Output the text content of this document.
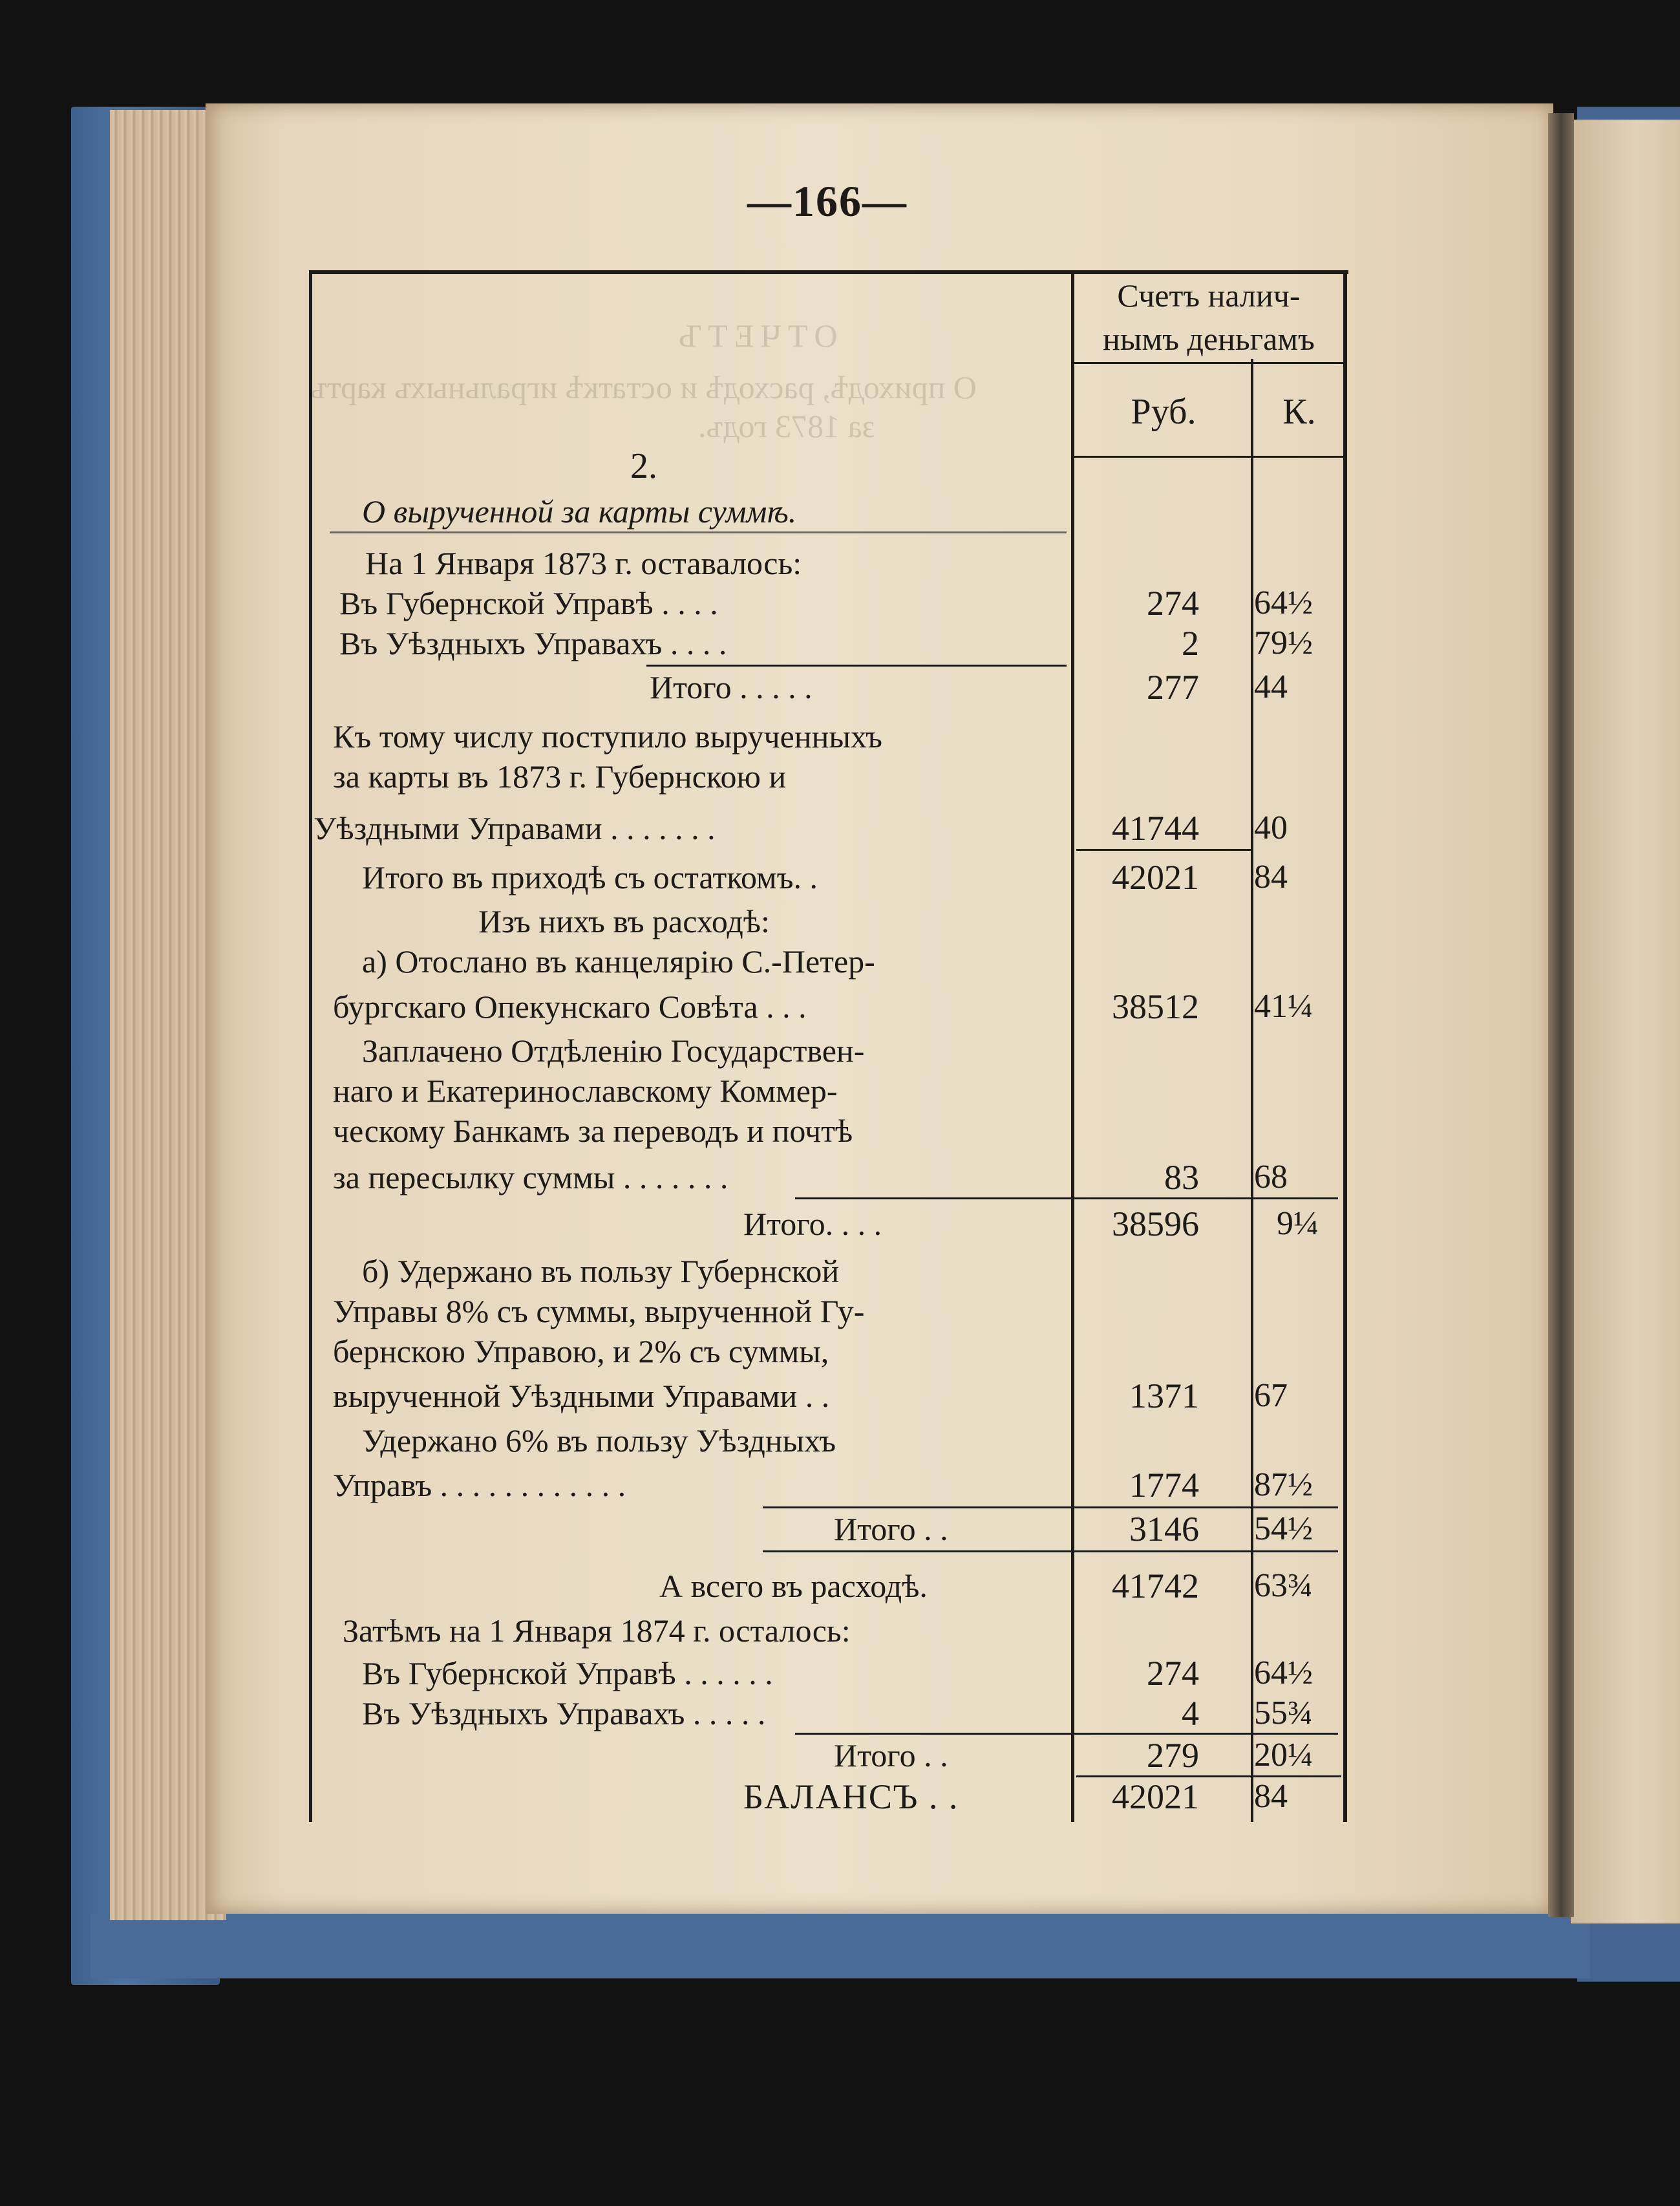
—166—
Счетъ налич-
нымъ деньгамъ
Руб.	К.
ОТЧЕТЪ
О приходѣ, расходѣ и остаткѣ игральныхъ картъ
за 1873 годъ.
2.
О вырученной за карты суммѣ.
На 1 Января 1873 г. оставалось:
Въ Губернской Управѣ . . . .	274 64½
Въ Уѣздныхъ Управахъ . . . .	2 79½
Итого . . . . .	277 44
Къ тому числу поступило вырученныхъ
за карты въ 1873 г. Губернскою и
Уѣздными Управами . . . . . . .	41744 40
Итого въ приходѣ съ остаткомъ. .	42021 84
Изъ нихъ въ расходѣ:
а) Отослано въ канцелярію С.-Петер-
бургскаго Опекунскаго Совѣта . . .	38512 41¼
Заплачено Отдѣленію Государствен-
наго и Екатеринославскому Коммер-
ческому Банкамъ за переводъ и почтѣ
за пересылку суммы . . . . . . .	83 68
Итого. . . .	38596 9¼
б) Удержано въ пользу Губернской
Управы 8% съ суммы, вырученной Гу-
бернскою Управою, и 2% съ суммы,
вырученной Уѣздными Управами . .	1371 67
Удержано 6% въ пользу Уѣздныхъ
Управъ . . . . . . . . . . . .	1774 87½
Итого . .	3146 54½
А всего въ расходѣ.	41742 63¾
Затѣмъ на 1 Января 1874 г. осталось:
Въ Губернской Управѣ . . . . . .	274 64½
Въ Уѣздныхъ Управахъ . . . . .	4 55¾
Итого . .	279 20¼
БАЛАНСЪ . .	42021 84
